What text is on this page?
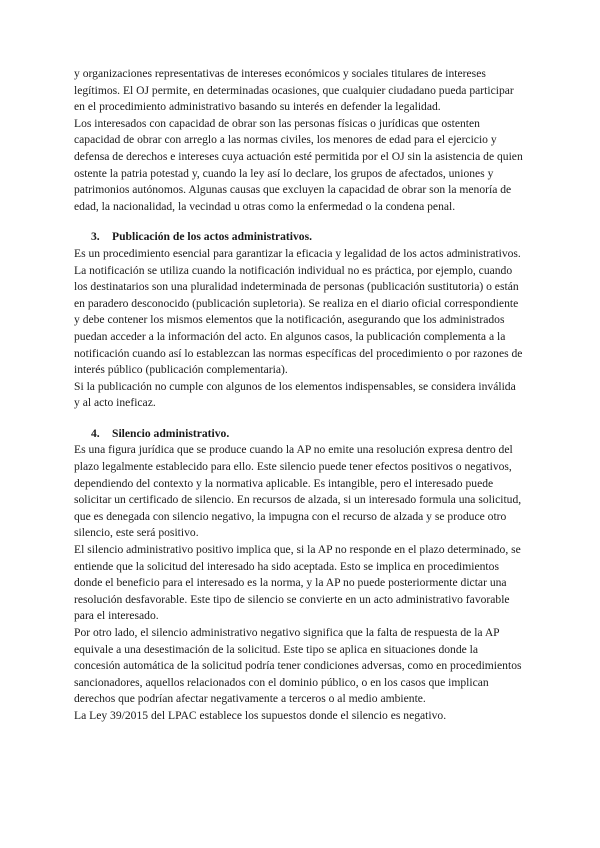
y organizaciones representativas de intereses económicos y sociales titulares de intereses legítimos. El OJ permite, en determinadas ocasiones, que cualquier ciudadano pueda participar en el procedimiento administrativo basando su interés en defender la legalidad.

Los interesados con capacidad de obrar son las personas físicas o jurídicas que ostenten capacidad de obrar con arreglo a las normas civiles, los menores de edad para el ejercicio y defensa de derechos e intereses cuya actuación esté permitida por el OJ sin la asistencia de quien ostente la patria potestad y, cuando la ley así lo declare, los grupos de afectados, uniones y patrimonios autónomos. Algunas causas que excluyen la capacidad de obrar son la menoría de edad, la nacionalidad, la vecindad u otras como la enfermedad o la condena penal.

3. Publicación de los actos administrativos.

Es un procedimiento esencial para garantizar la eficacia y legalidad de los actos administrativos.

La notificación se utiliza cuando la notificación individual no es práctica, por ejemplo, cuando los destinatarios son una pluralidad indeterminada de personas (publicación sustitutoria) o están en paradero desconocido (publicación supletoria). Se realiza en el diario oficial correspondiente y debe contener los mismos elementos que la notificación, asegurando que los administrados puedan acceder a la información del acto. En algunos casos, la publicación complementa a la notificación cuando así lo establezcan las normas específicas del procedimiento o por razones de interés público (publicación complementaria).

Si la publicación no cumple con algunos de los elementos indispensables, se considera inválida y al acto ineficaz.

4. Silencio administrativo.

Es una figura jurídica que se produce cuando la AP no emite una resolución expresa dentro del plazo legalmente establecido para ello. Este silencio puede tener efectos positivos o negativos, dependiendo del contexto y la normativa aplicable. Es intangible, pero el interesado puede solicitar un certificado de silencio. En recursos de alzada, si un interesado formula una solicitud, que es denegada con silencio negativo, la impugna con el recurso de alzada y se produce otro silencio, este será positivo.

El silencio administrativo positivo implica que, si la AP no responde en el plazo determinado, se entiende que la solicitud del interesado ha sido aceptada. Esto se implica en procedimientos donde el beneficio para el interesado es la norma, y la AP no puede posteriormente dictar una resolución desfavorable. Este tipo de silencio se convierte en un acto administrativo favorable para el interesado.

Por otro lado, el silencio administrativo negativo significa que la falta de respuesta de la AP equivale a una desestimación de la solicitud. Este tipo se aplica en situaciones donde la concesión automática de la solicitud podría tener condiciones adversas, como en procedimientos sancionadores, aquellos relacionados con el dominio público, o en los casos que implican derechos que podrían afectar negativamente a terceros o al medio ambiente.

La Ley 39/2015 del LPAC establece los supuestos donde el silencio es negativo.
